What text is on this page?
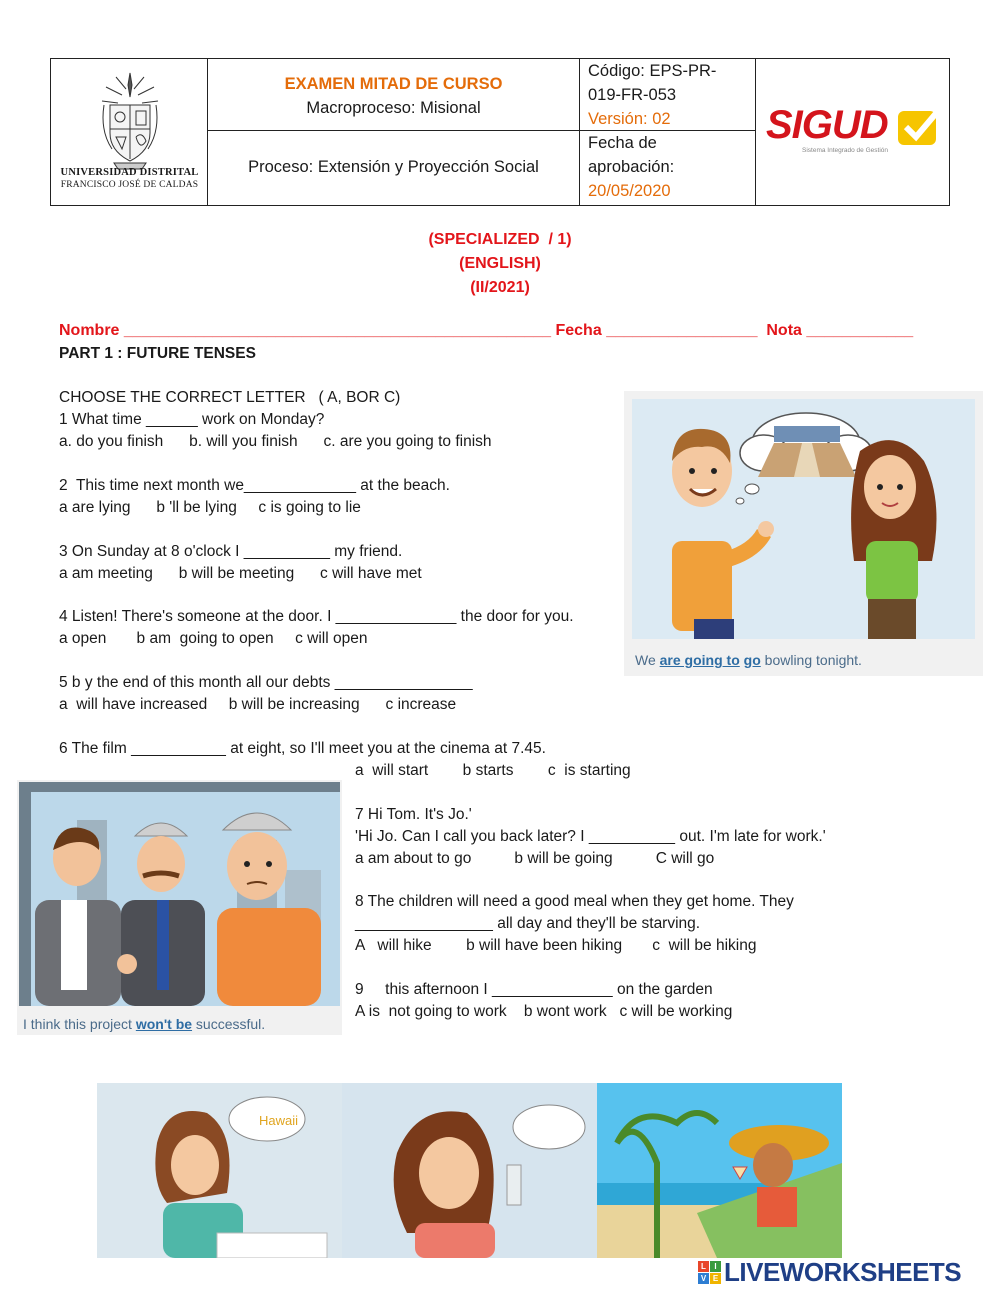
UNIVERSIDAD DISTRITAL
FRANCISCO JOSÉ DE CALDAS
EXAMEN MITAD DE CURSO
Macroproceso: Misional
Proceso: Extensión y Proyección Social
Código: EPS-PR-
019-FR-053
Versión: 02
Fecha de
aprobación:
20/05/2020
SIGUD
Sistema Integrado de Gestión
(SPECIALIZED  / 1)
(ENGLISH)
(II/2021)
Nombre ________________________________________________ Fecha _________________ Nota ____________
PART 1 : FUTURE TENSES
CHOOSE THE CORRECT LETTER   ( A, BOR C)
1 What time ______ work on Monday?
a. do you finish      b. will you finish      c. are you going to finish
2  This time next month we_____________ at the beach.
a are lying      b 'll be lying     c is going to lie
3 On Sunday at 8 o'clock I __________ my friend.
a am meeting      b will be meeting      c will have met
4 Listen! There's someone at the door. I ______________ the door for you.
a open       b am  going to open     c will open
5 b y the end of this month all our debts ________________
a  will have increased     b will be increasing      c increase
6 The film ___________ at eight, so I'll meet you at the cinema at 7.45.
a  will start        b starts        c  is starting
7 Hi Tom. It's Jo.'
'Hi Jo. Can I call you back later? I __________ out. I'm late for work.'
a am about to go          b will be going          C will go
8 The children will need a good meal when they get home. They
________________ all day and they'll be starving.
A   will hike        b will have been hiking       c  will be hiking
9     this afternoon I ______________ on the garden
A is  not going to work    b wont work   c will be working
We are going to go bowling tonight.
I think this project won't be successful.
Hawaii
L	I
V E LIVEWORKSHEETS
